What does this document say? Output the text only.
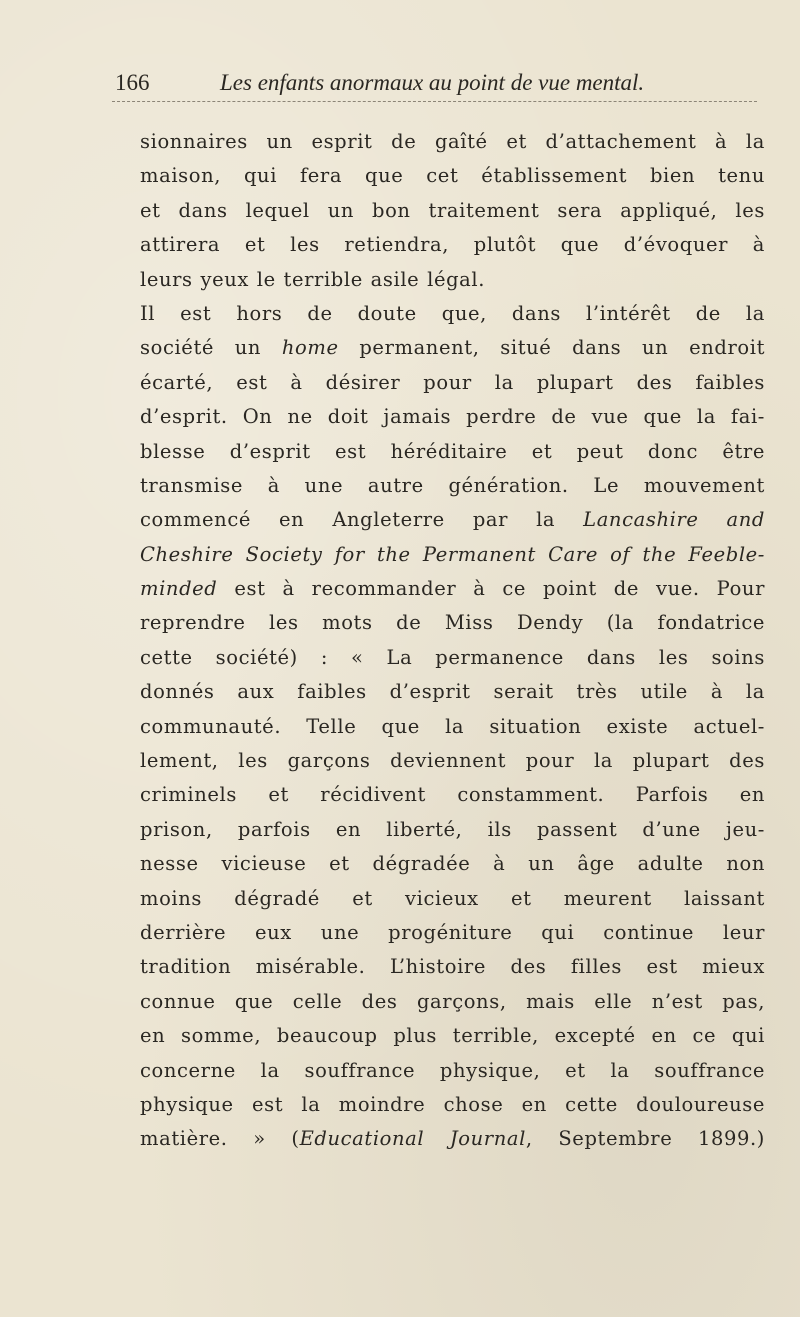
166	Les enfants anormaux au point de vue mental.
sionnaires un esprit de gaîté et d’attachement à la
maison, qui fera que cet établissement bien tenu
et dans lequel un bon traitement sera appliqué, les
attirera et les retiendra, plutôt que d’évoquer à
leurs yeux le terrible asile légal.
Il est hors de doute que, dans l’intérêt de la
société un home permanent, situé dans un endroit
écarté, est à désirer pour la plupart des faibles
d’esprit. On ne doit jamais perdre de vue que la fai-
blesse d’esprit est héréditaire et peut donc être
transmise à une autre génération. Le mouvement
commencé en Angleterre par la Lancashire and
Cheshire Society for the Permanent Care of the Feeble-
minded est à recommander à ce point de vue. Pour
reprendre les mots de Miss Dendy (la fondatrice
cette société) : « La permanence dans les soins
donnés aux faibles d’esprit serait très utile à la
communauté. Telle que la situation existe actuel-
lement, les garçons deviennent pour la plupart des
criminels et récidivent constamment. Parfois en
prison, parfois en liberté, ils passent d’une jeu-
nesse vicieuse et dégradée à un âge adulte non
moins dégradé et vicieux et meurent laissant
derrière eux une progéniture qui continue leur
tradition misérable. L’histoire des filles est mieux
connue que celle des garçons, mais elle n’est pas,
en somme, beaucoup plus terrible, excepté en ce qui
concerne la souffrance physique, et la souffrance
physique est la moindre chose en cette douloureuse
matière. » (Educational Journal, Septembre 1899.)
